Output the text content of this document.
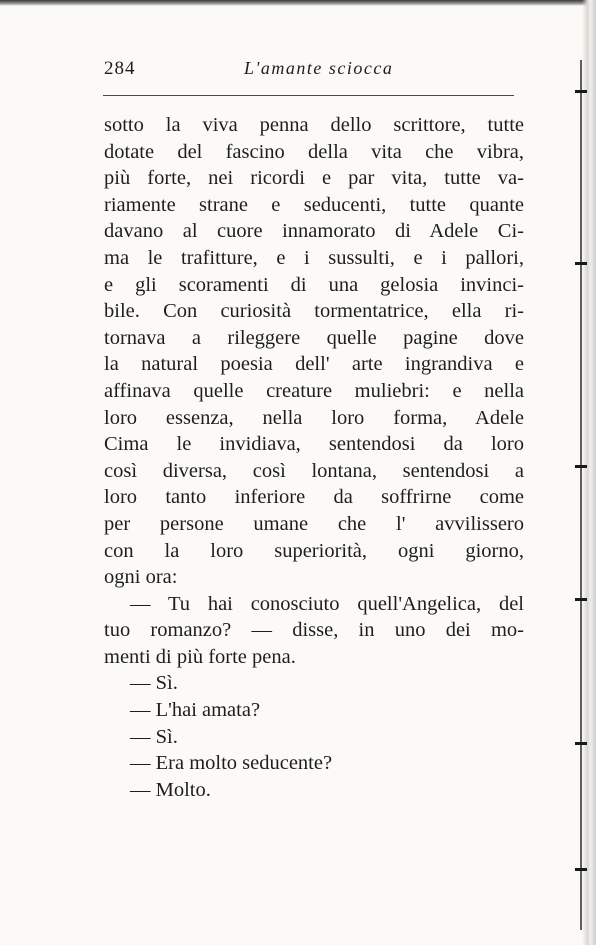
284	L'amante sciocca
sotto la viva penna dello scrittore, tutte
dotate del fascino della vita che vibra,
più forte, nei ricordi e par vita, tutte va-
riamente strane e seducenti, tutte quante
davano al cuore innamorato di Adele Ci-
ma le trafitture, e i sussulti, e i pallori,
e gli scoramenti di una gelosia invinci-
bile. Con curiosità tormentatrice, ella ri-
tornava a rileggere quelle pagine dove
la natural poesia dell' arte ingrandiva e
affinava quelle creature muliebri: e nella
loro essenza, nella loro forma, Adele
Cima le invidiava, sentendosi da loro
così diversa, così lontana, sentendosi a
loro tanto inferiore da soffrirne come
per persone umane che l' avvilissero
con la loro superiorità, ogni giorno,
ogni ora:
— Tu hai conosciuto quell'Angelica, del
tuo romanzo? — disse, in uno dei mo-
menti di più forte pena.
— Sì.
— L'hai amata?
— Sì.
— Era molto seducente?
— Molto.
